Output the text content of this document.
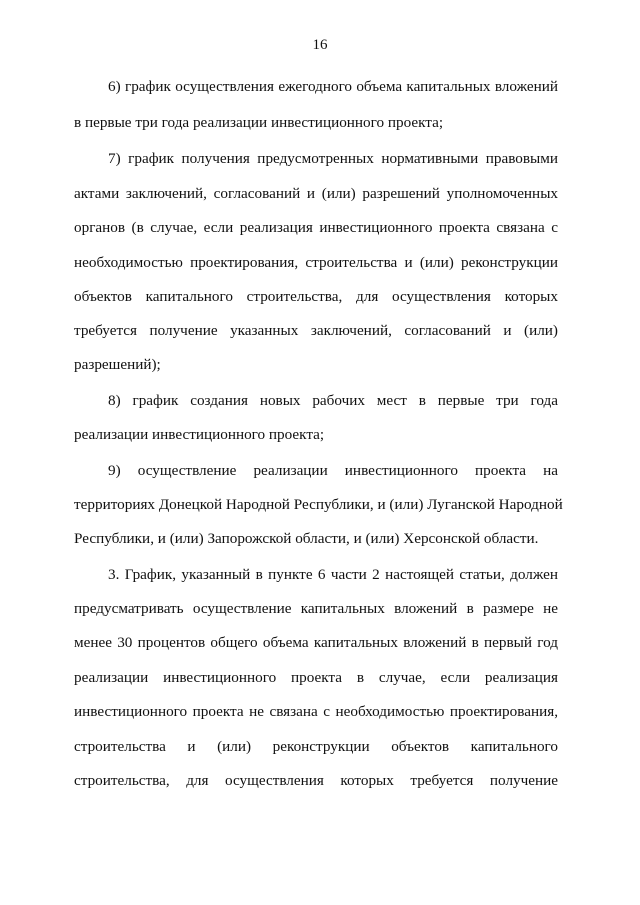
16
6) график осуществления ежегодного объема капитальных вложений
в первые три года реализации инвестиционного проекта;
7) график получения предусмотренных нормативными правовыми
актами заключений, согласований и (или) разрешений уполномоченных
органов (в случае, если реализация инвестиционного проекта связана с
необходимостью проектирования, строительства и (или) реконструкции
объектов капитального строительства, для осуществления которых
требуется получение указанных заключений, согласований и (или)
разрешений);
8) график создания новых рабочих мест в первые три года
реализации инвестиционного проекта;
9) осуществление реализации инвестиционного проекта на
территориях Донецкой Народной Республики, и (или) Луганской Народной
Республики, и (или) Запорожской области, и (или) Херсонской области.
3. График, указанный в пункте 6 части 2 настоящей статьи, должен
предусматривать осуществление капитальных вложений в размере не
менее 30 процентов общего объема капитальных вложений в первый год
реализации инвестиционного проекта в случае, если реализация
инвестиционного проекта не связана с необходимостью проектирования,
строительства и (или) реконструкции объектов капитального
строительства, для осуществления которых требуется получение
